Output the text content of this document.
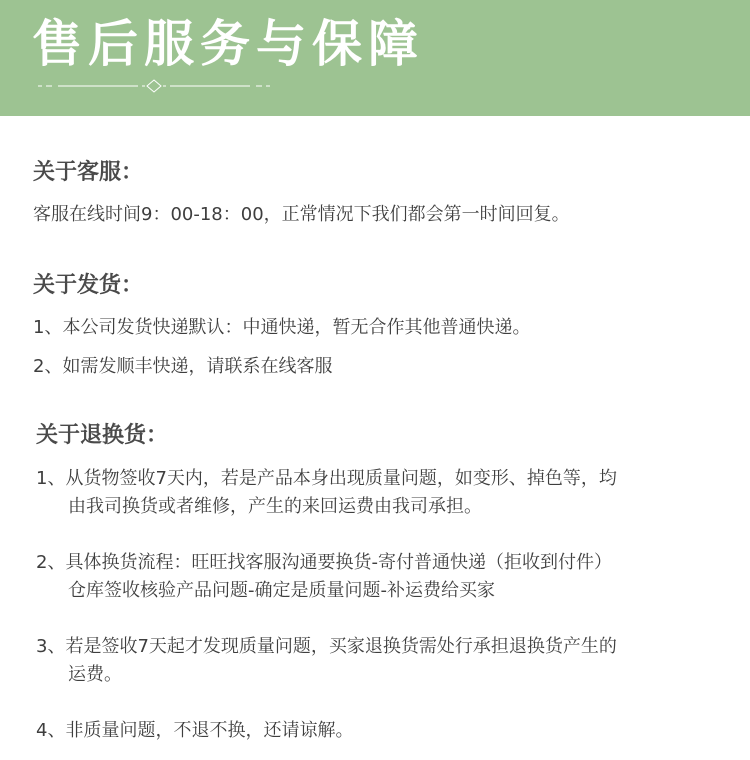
售后服务与保障
关于客服：
客服在线时间9：00-18：00，正常情况下我们都会第一时间回复。
关于发货：
1、本公司发货快递默认：中通快递，暂无合作其他普通快递。
2、如需发顺丰快递，请联系在线客服
关于退换货：
1、从货物签收7天内，若是产品本身出现质量问题，如变形、掉色等，均
由我司换货或者维修，产生的来回运费由我司承担。
2、具体换货流程：旺旺找客服沟通要换货-寄付普通快递（拒收到付件）
仓库签收核验产品问题-确定是质量问题-补运费给买家
3、若是签收7天起才发现质量问题，买家退换货需处行承担退换货产生的
运费。
4、非质量问题，不退不换，还请谅解。
